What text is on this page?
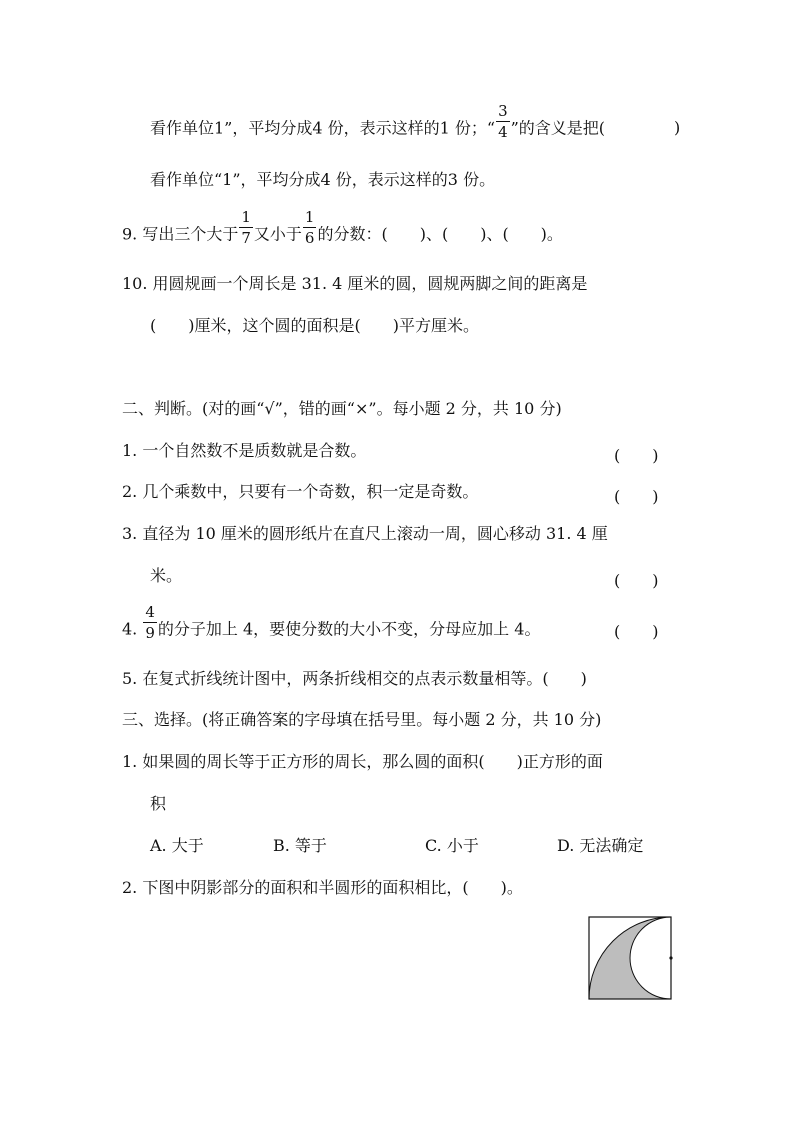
看作单位1”，平均分成4 份，表示这样的1 份；“ $\frac{3}{4}$ ”的含义是把(	)
看作单位“1”，平均分成4 份，表示这样的3 份。
9. 写出三个大于 $\frac{1}{7}$ 又小于 $\frac{1}{6}$ 的分数：(　　)、(　　)、(　　)。
10. 用圆规画一个周长是 31. 4 厘米的圆，圆规两脚之间的距离是
(　　)厘米，这个圆的面积是(　　)平方厘米。
二、判断。(对的画“√”，错的画“×”。每小题 2 分，共 10 分)
1. 一个自然数不是质数就是合数。	(　　)
2. 几个乘数中，只要有一个奇数，积一定是奇数。	(　　)
3. 直径为 10 厘米的圆形纸片在直尺上滚动一周，圆心移动 31. 4 厘
米。	(　　)
4. $\frac{4}{9}$ 的分子加上 4，要使分数的大小不变，分母应加上 4。	(　　)
5. 在复式折线统计图中，两条折线相交的点表示数量相等。(　　)
三、选择。(将正确答案的字母填在括号里。每小题 2 分，共 10 分)
1. 如果圆的周长等于正方形的周长，那么圆的面积(　　)正方形的面
积
A. 大于	B. 等于	C. 小于	D. 无法确定
2. 下图中阴影部分的面积和半圆形的面积相比，(　　)。
